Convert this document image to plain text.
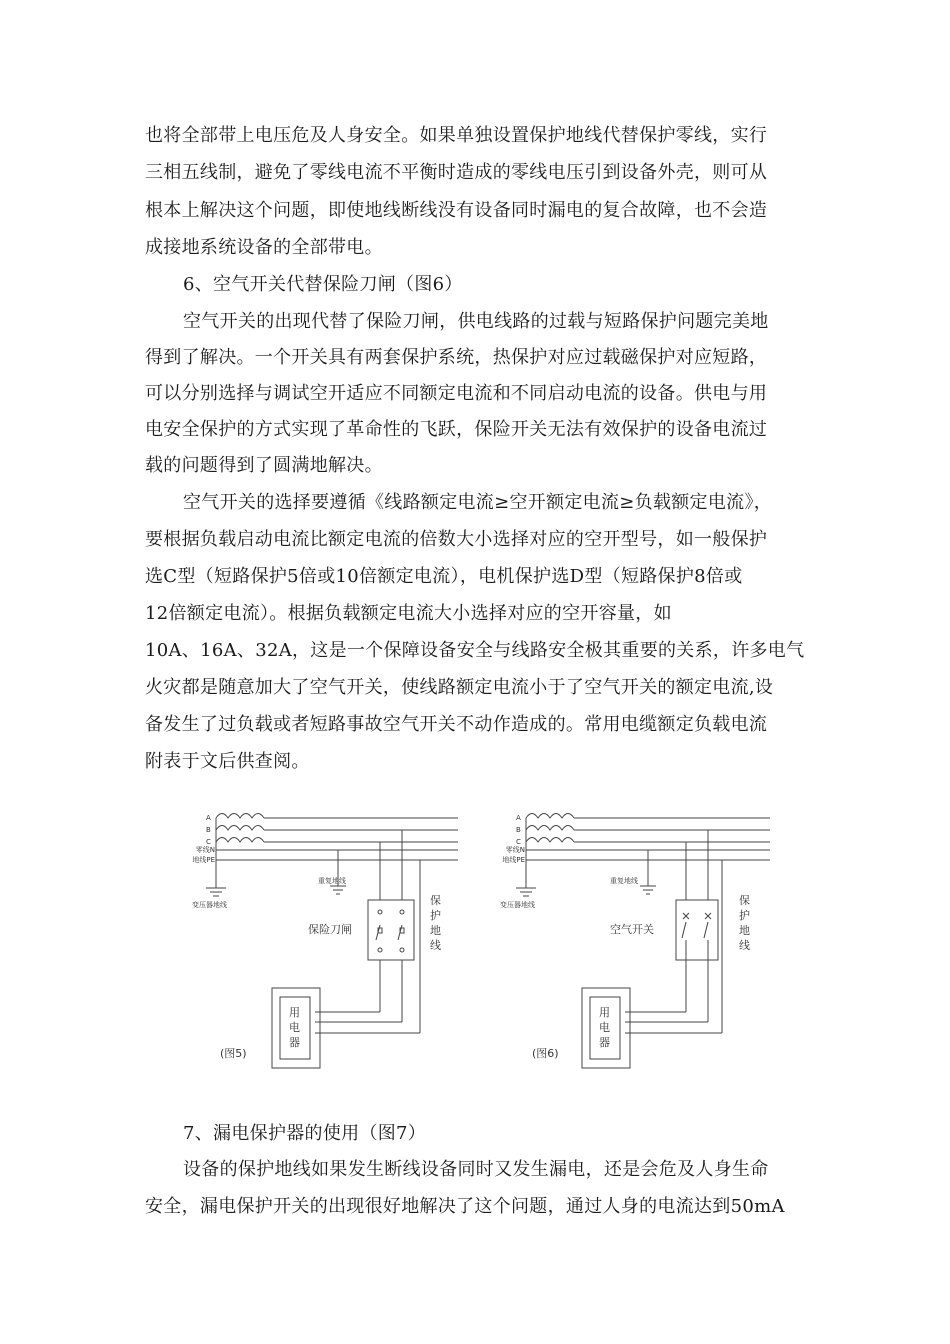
也将全部带上电压危及人身安全。如果单独设置保护地线代替保护零线，实行
三相五线制，避免了零线电流不平衡时造成的零线电压引到设备外壳，则可从
根本上解决这个问题，即使地线断线没有设备同时漏电的复合故障，也不会造
成接地系统设备的全部带电。
6、空气开关代替保险刀闸（图6）
空气开关的出现代替了保险刀闸，供电线路的过载与短路保护问题完美地
得到了解决。一个开关具有两套保护系统，热保护对应过载磁保护对应短路，
可以分别选择与调试空开适应不同额定电流和不同启动电流的设备。供电与用
电安全保护的方式实现了革命性的飞跃，保险开关无法有效保护的设备电流过
载的问题得到了圆满地解决。
空气开关的选择要遵循《线路额定电流≥空开额定电流≥负载额定电流》，
要根据负载启动电流比额定电流的倍数大小选择对应的空开型号，如一般保护
选C型（短路保护5倍或10倍额定电流），电机保护选D型（短路保护8倍或
12倍额定电流）。根据负载额定电流大小选择对应的空开容量，如
10A、16A、32A，这是一个保障设备安全与线路安全极其重要的关系，许多电气
火灾都是随意加大了空气开关，使线路额定电流小于了空气开关的额定电流,设
备发生了过负载或者短路事故空气开关不动作造成的。常用电缆额定负载电流
附表于文后供查阅。
A
B
C
零线N
地线PE
重复地线
变压器地线
保险刀闸
保
护
地
线
用
电
器
(图5)
A
B
C
零线N
地线PE
重复地线
变压器地线
空气开关
保
护
地
线
用
电
器
(图6)
7、漏电保护器的使用（图7）
设备的保护地线如果发生断线设备同时又发生漏电，还是会危及人身生命
安全，漏电保护开关的出现很好地解决了这个问题，通过人身的电流达到50mA
